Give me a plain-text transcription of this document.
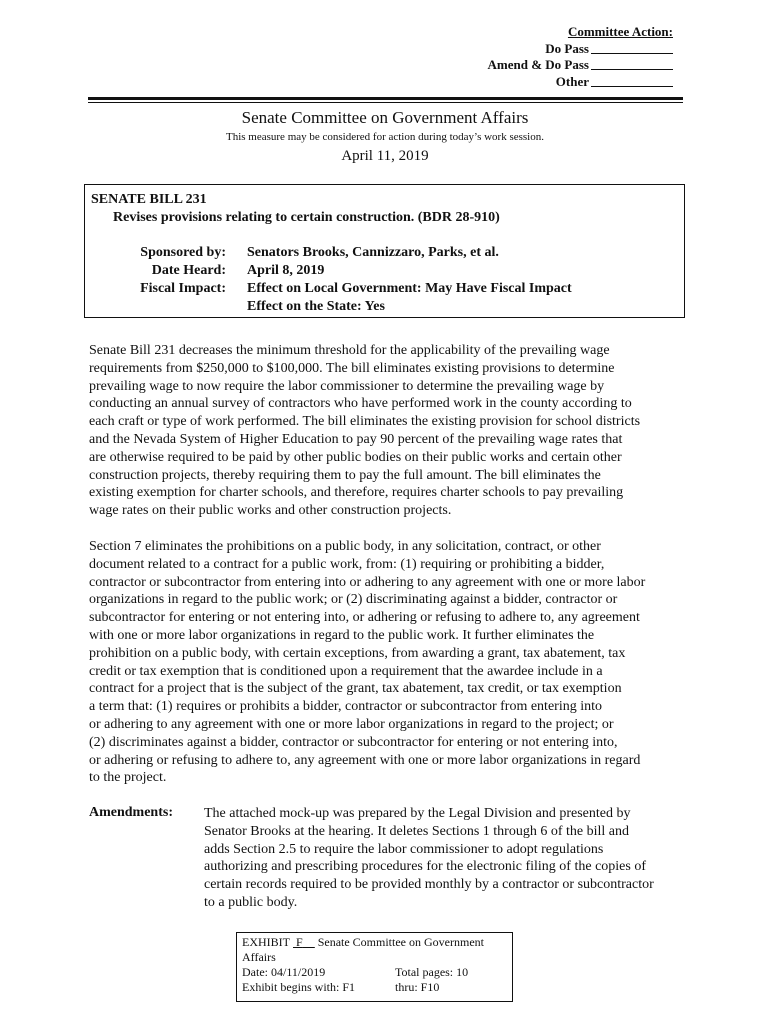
Committee Action:
Do Pass
Amend & Do Pass
Other
Senate Committee on Government Affairs
This measure may be considered for action during today’s work session.
April 11, 2019
SENATE BILL 231
Revises provisions relating to certain construction. (BDR 28-910)
Sponsored by: Senators Brooks, Cannizzaro, Parks, et al.
Date Heard: April 8, 2019
Fiscal Impact: Effect on Local Government: May Have Fiscal Impact
Effect on the State: Yes
Senate Bill 231 decreases the minimum threshold for the applicability of the prevailing wage
requirements from $250,000 to $100,000. The bill eliminates existing provisions to determine
prevailing wage to now require the labor commissioner to determine the prevailing wage by
conducting an annual survey of contractors who have performed work in the county according to
each craft or type of work performed. The bill eliminates the existing provision for school districts
and the Nevada System of Higher Education to pay 90 percent of the prevailing wage rates that
are otherwise required to be paid by other public bodies on their public works and certain other
construction projects, thereby requiring them to pay the full amount. The bill eliminates the
existing exemption for charter schools, and therefore, requires charter schools to pay prevailing
wage rates on their public works and other construction projects.
Section 7 eliminates the prohibitions on a public body, in any solicitation, contract, or other
document related to a contract for a public work, from: (1) requiring or prohibiting a bidder,
contractor or subcontractor from entering into or adhering to any agreement with one or more labor
organizations in regard to the public work; or (2) discriminating against a bidder, contractor or
subcontractor for entering or not entering into, or adhering or refusing to adhere to, any agreement
with one or more labor organizations in regard to the public work. It further eliminates the
prohibition on a public body, with certain exceptions, from awarding a grant, tax abatement, tax
credit or tax exemption that is conditioned upon a requirement that the awardee include in a
contract for a project that is the subject of the grant, tax abatement, tax credit, or tax exemption
a term that: (1) requires or prohibits a bidder, contractor or subcontractor from entering into
or adhering to any agreement with one or more labor organizations in regard to the project; or
(2) discriminates against a bidder, contractor or subcontractor for entering or not entering into,
or adhering or refusing to adhere to, any agreement with one or more labor organizations in regard
to the project.
Amendments: The attached mock-up was prepared by the Legal Division and presented by
Senator Brooks at the hearing. It deletes Sections 1 through 6 of the bill and
adds Section 2.5 to require the labor commissioner to adopt regulations
authorizing and prescribing procedures for the electronic filing of the copies of
certain records required to be provided monthly by a contractor or subcontractor
to a public body.
EXHIBIT F__ Senate Committee on Government
Affairs
Date: 04/11/2019	Total pages: 10
Exhibit begins with: F1	thru: F10
